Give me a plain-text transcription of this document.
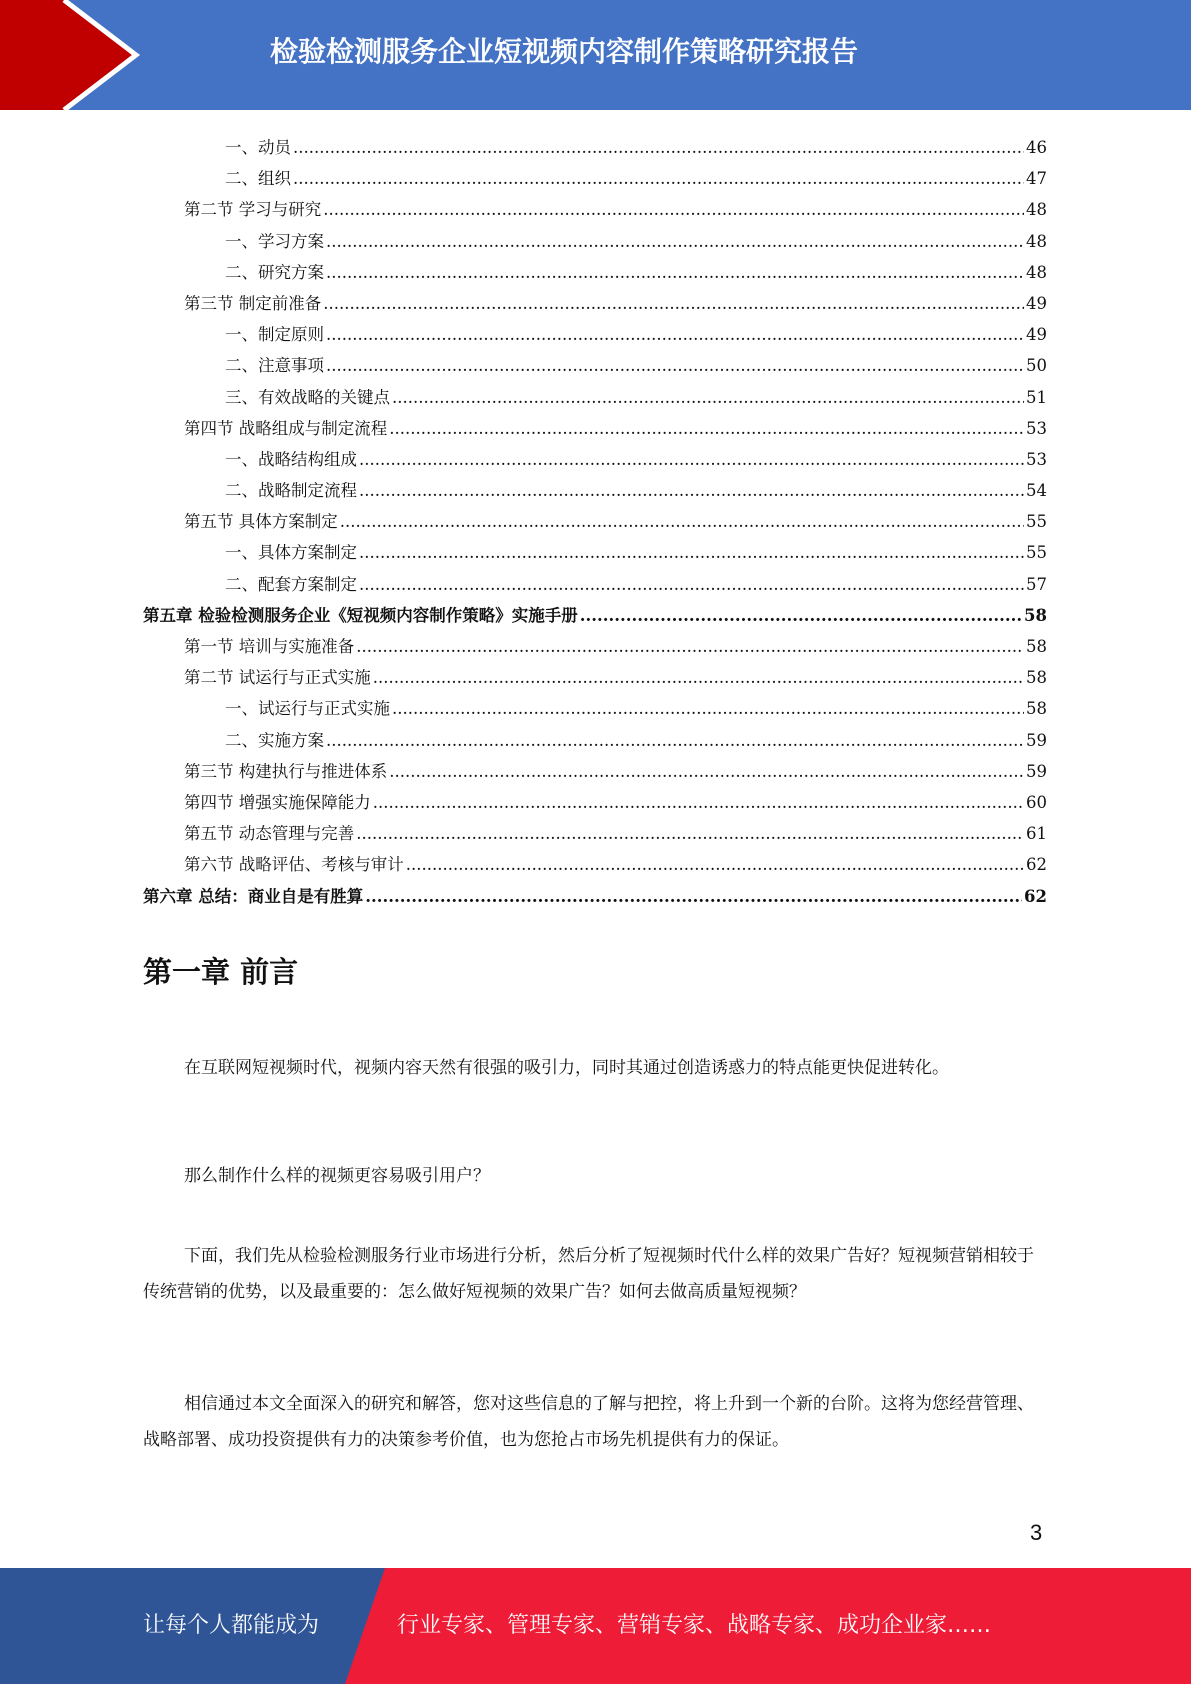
检验检测服务企业短视频内容制作策略研究报告
一、动员 .....	46
二、组织 .....	47
第二节 学习与研究 .....	48
一、学习方案 .....	48
二、研究方案 .....	48
第三节 制定前准备 .....	49
一、制定原则 .....	49
二、注意事项 .....	50
三、有效战略的关键点 .....	51
第四节 战略组成与制定流程 .....	53
一、战略结构组成 .....	53
二、战略制定流程 .....	54
第五节 具体方案制定 .....	55
一、具体方案制定 .....	55
二、配套方案制定 .....	57
第五章 检验检测服务企业《短视频内容制作策略》实施手册 .....	58
第一节 培训与实施准备 .....	58
第二节 试运行与正式实施 .....	58
一、试运行与正式实施 .....	58
二、实施方案 .....	59
第三节 构建执行与推进体系 .....	59
第四节 增强实施保障能力 .....	60
第五节 动态管理与完善 .....	61
第六节 战略评估、考核与审计 .....	62
第六章 总结：商业自是有胜算 .....	62
第一章 前言
在互联网短视频时代，视频内容天然有很强的吸引力，同时其通过创造诱惑力的特点能更快促进转化。
那么制作什么样的视频更容易吸引用户？
下面，我们先从检验检测服务行业市场进行分析，然后分析了短视频时代什么样的效果广告好？短视频营销相较于传统营销的优势，以及最重要的：怎么做好短视频的效果广告？如何去做高质量短视频？
相信通过本文全面深入的研究和解答，您对这些信息的了解与把控，将上升到一个新的台阶。这将为您经营管理、战略部署、成功投资提供有力的决策参考价值，也为您抢占市场先机提供有力的保证。
3
让每个人都能成为	行业专家、管理专家、营销专家、战略专家、成功企业家……
